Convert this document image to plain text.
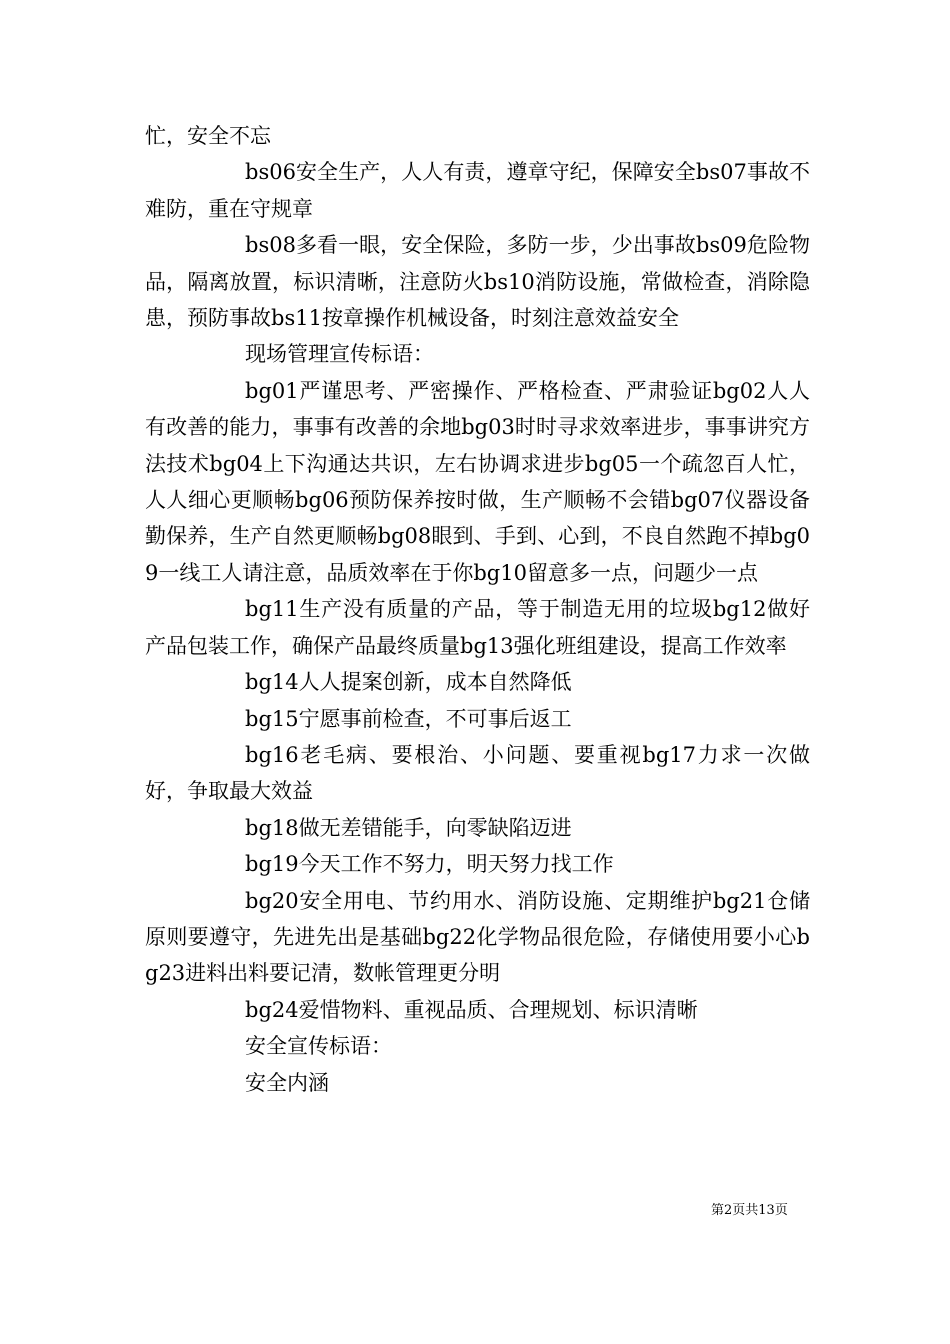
忙，安全不忘

bs06安全生产，人人有责，遵章守纪，保障安全bs07事故不难防，重在守规章

bs08多看一眼，安全保险，多防一步，少出事故bs09危险物品，隔离放置，标识清晰，注意防火bs10消防设施，常做检查，消除隐患，预防事故bs11按章操作机械设备，时刻注意效益安全

现场管理宣传标语：

bg01严谨思考、严密操作、严格检查、严肃验证bg02人人有改善的能力，事事有改善的余地bg03时时寻求效率进步，事事讲究方法技术bg04上下沟通达共识，左右协调求进步bg05一个疏忽百人忙，人人细心更顺畅bg06预防保养按时做，生产顺畅不会错bg07仪器设备勤保养，生产自然更顺畅bg08眼到、手到、心到，不良自然跑不掉bg09一线工人请注意，品质效率在于你bg10留意多一点，问题少一点

bg11生产没有质量的产品，等于制造无用的垃圾bg12做好产品包装工作，确保产品最终质量bg13强化班组建设，提高工作效率

bg14人人提案创新，成本自然降低

bg15宁愿事前检查，不可事后返工

bg16老毛病、要根治、小问题、要重视bg17力求一次做好，争取最大效益

bg18做无差错能手，向零缺陷迈进

bg19今天工作不努力，明天努力找工作

bg20安全用电、节约用水、消防设施、定期维护bg21仓储原则要遵守，先进先出是基础bg22化学物品很危险，存储使用要小心bg23进料出料要记清，数帐管理更分明

bg24爱惜物料、重视品质、合理规划、标识清晰

安全宣传标语：

安全内涵

第2页共13页
